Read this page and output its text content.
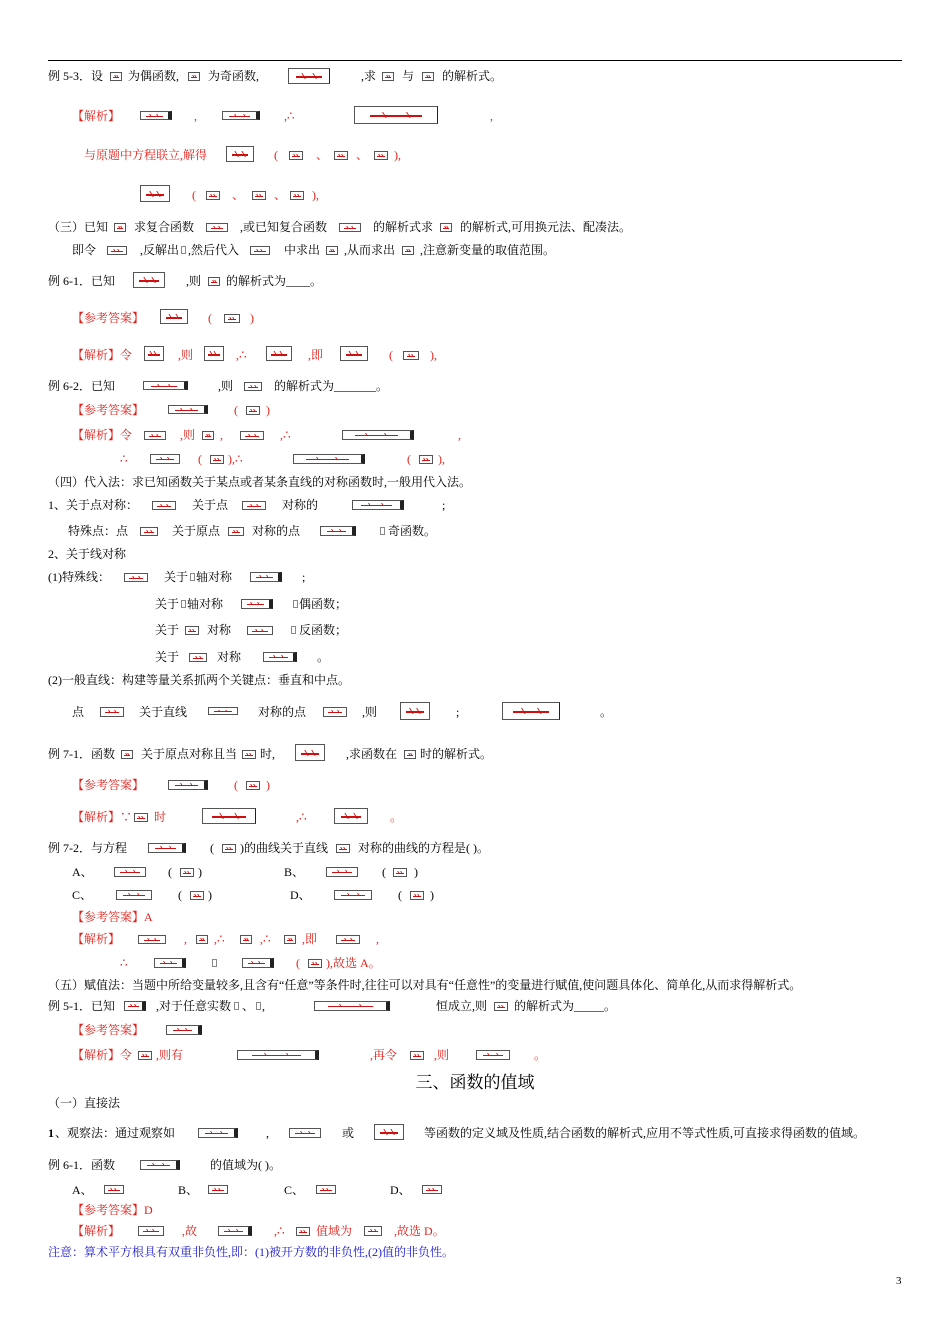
例 5-3．设 为偶函数, 为奇函数,	,求 与 的解析式。
【解析】	,	,∴	,
与原题中方程联立,解得	(	、 、 ),
(	、 、 ),
（三）已知 求复合函数	,或已知复合函数	的解析式求 的解析式,可用换元法、配凑法。
即令	,反解出 ,然后代入	中求出 ,从而求出 ,注意新变量的取值范围。
例 6-1．已知	,则 的解析式为____。
【参考答案】	(	)
【解析】令	,则	,∴	,即	(	),
例 6-2．已知	,则	的解析式为_______。
【参考答案】	( )
【解析】令	,则 ,	,∴	,
∴	( ),∴	( ),
（四）代入法：求已知函数关于某点或者某条直线的对称函数时,一般用代入法。
1、关于点对称：	关于点	对称的	;
特殊点：点	关于原点	对称的点	奇函数。
2、关于线对称
(1)特殊线：	关于 轴对称	;
关于 轴对称	偶函数；
关于 对称	反函数；
关于	对称	。
(2)一般直线：构建等量关系抓两个关键点：垂直和中点。
点	关于直线	对称的点	,则	;	。
例 7-1．函数 关于原点对称且当 时,	,求函数在 时的解析式。
【参考答案】	( )
【解析】∵ 时	,∴	。
例 7-2．与方程	( )的曲线关于直线	对称的曲线的方程是( )。
A、	( )	B、	( )
C、	( )	D、	( )
【参考答案】A
【解析】	, ,∴	,∴	,即	,
∴	( ),故选 A。
（五）赋值法：当题中所给变量较多,且含有“任意”等条件时,往往可以对具有“任意性”的变量进行赋值,使问题具体化、简单化,从而求得解析式。
例 5-1．已知	,对于任意实数 、 ,	恒成立,则 的解析式为_____。
【参考答案】
【解析】令 ,则有	,再令	,则	。
三、函数的值域
（一）直接法
1 、观察法：通过观察如	,	或	等函数的定义域及性质,结合函数的解析式,应用不等式性质,可直接求得函数的值域。
例 6-1．函数	的值域为( )。
A、	B、	C、	D、
【参考答案】D
【解析】	,故	,∴	值域为	,故选 D。
注意：算术平方根具有双重非负性,即：(1)被开方数的非负性,(2)值的非负性。
3
